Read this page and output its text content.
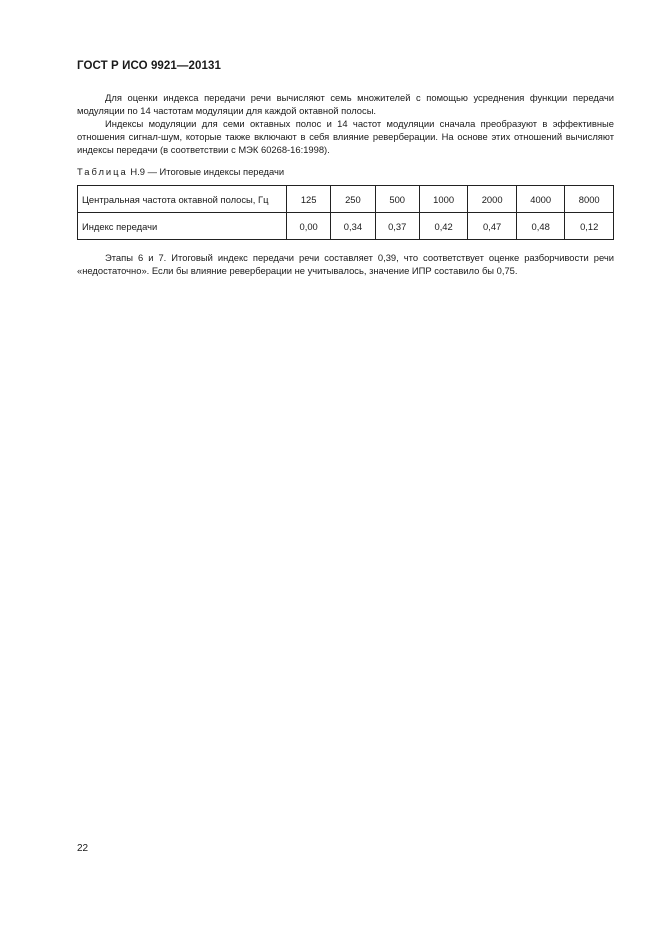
ГОСТ Р ИСО 9921—20131

Для оценки индекса передачи речи вычисляют семь множителей с помощью усреднения функции передачи модуляции по 14 частотам модуляции для каждой октавной полосы.

Индексы модуляции для семи октавных полос и 14 частот модуляции сначала преобразуют в эффективные отношения сигнал-шум, которые также включают в себя влияние реверберации. На основе этих отношений вычисляют индексы передачи (в соответствии с МЭК 60268-16:1998).

Таблица Н.9 — Итоговые индексы передачи
Центральная частота октавной полосы, Гц	125	250	500	1000	2000	4000	8000
Индекс передачи	0,00	0,34	0,37	0,42	0,47	0,48	0,12

Этапы 6 и 7. Итоговый индекс передачи речи составляет 0,39, что соответствует оценке разборчивости речи «недостаточно». Если бы влияние реверберации не учитывалось, значение ИПР составило бы 0,75.

22
